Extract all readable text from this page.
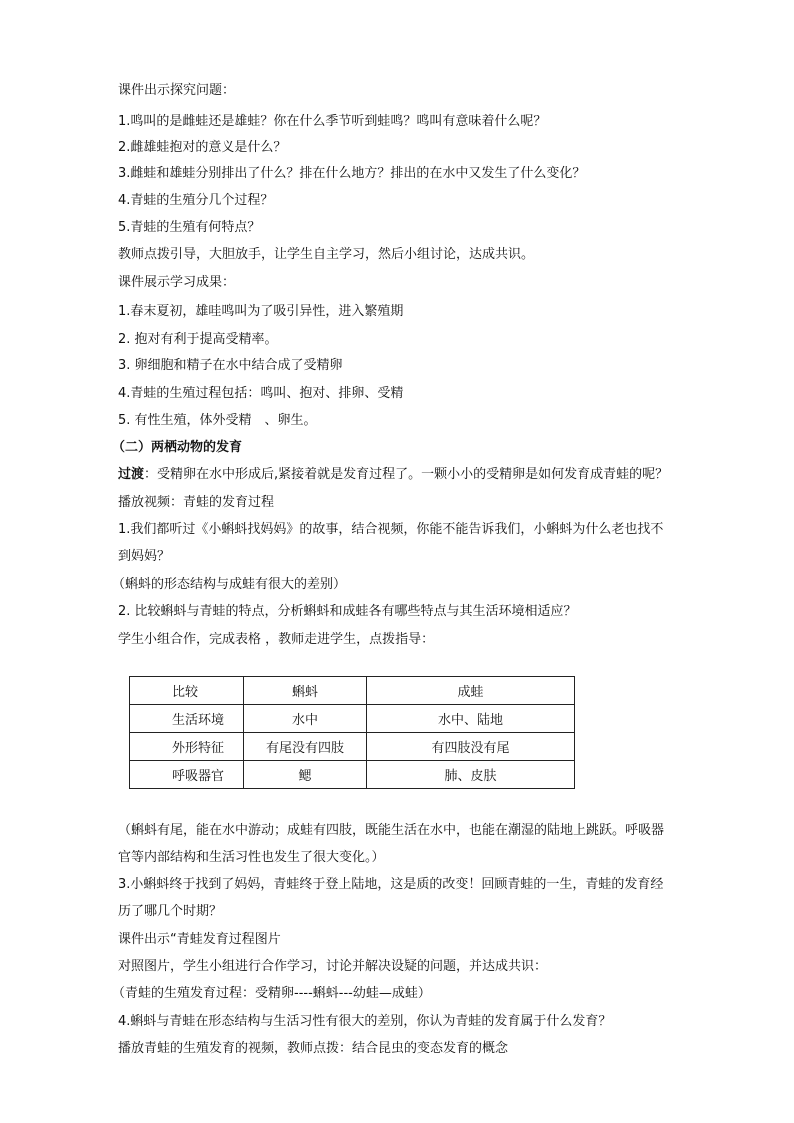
课件出示探究问题：
1.鸣叫的是雌蛙还是雄蛙？你在什么季节听到蛙鸣？鸣叫有意味着什么呢？
2.雌雄蛙抱对的意义是什么？
3.雌蛙和雄蛙分别排出了什么？排在什么地方？排出的在水中又发生了什么变化？
4.青蛙的生殖分几个过程？
5.青蛙的生殖有何特点？
教师点拨引导，大胆放手，让学生自主学习，然后小组讨论，达成共识。
课件展示学习成果：
1.春末夏初，雄哇鸣叫为了吸引异性，进入繁殖期
2. 抱对有利于提高受精率。
3. 卵细胞和精子在水中结合成了受精卵
4.青蛙的生殖过程包括：鸣叫、抱对、排卵、受精
5. 有性生殖，体外受精　、卵生。
（二）两栖动物的发育
过渡：受精卵在水中形成后,紧接着就是发育过程了。一颗小小的受精卵是如何发育成青蛙的呢？
播放视频：青蛙的发育过程
1.我们都听过《小蝌蚪找妈妈》的故事，结合视频，你能不能告诉我们，小蝌蚪为什么老也找不
到妈妈？
（蝌蚪的形态结构与成蛙有很大的差别）
2. 比较蝌蚪与青蛙的特点，分析蝌蚪和成蛙各有哪些特点与其生活环境相适应？
学生小组合作，完成表格 ，教师走进学生，点拨指导：
比较	蝌蚪	成蛙
生活环境	水中	水中、陆地
外形特征	有尾没有四肢	有四肢没有尾
呼吸器官	鳃	肺、皮肤
（蝌蚪有尾，能在水中游动；成蛙有四肢，既能生活在水中，也能在潮湿的陆地上跳跃。呼吸器
官等内部结构和生活习性也发生了很大变化。）
3.小蝌蚪终于找到了妈妈，青蛙终于登上陆地，这是质的改变！回顾青蛙的一生，青蛙的发育经
历了哪几个时期？
课件出示“青蛙发育过程图片
对照图片，学生小组进行合作学习，讨论并解决设疑的问题，并达成共识：
（青蛙的生殖发育过程：受精卵----蝌蚪---幼蛙—成蛙）
4.蝌蚪与青蛙在形态结构与生活习性有很大的差别，你认为青蛙的发育属于什么发育？
播放青蛙的生殖发育的视频，教师点拨：结合昆虫的变态发育的概念
